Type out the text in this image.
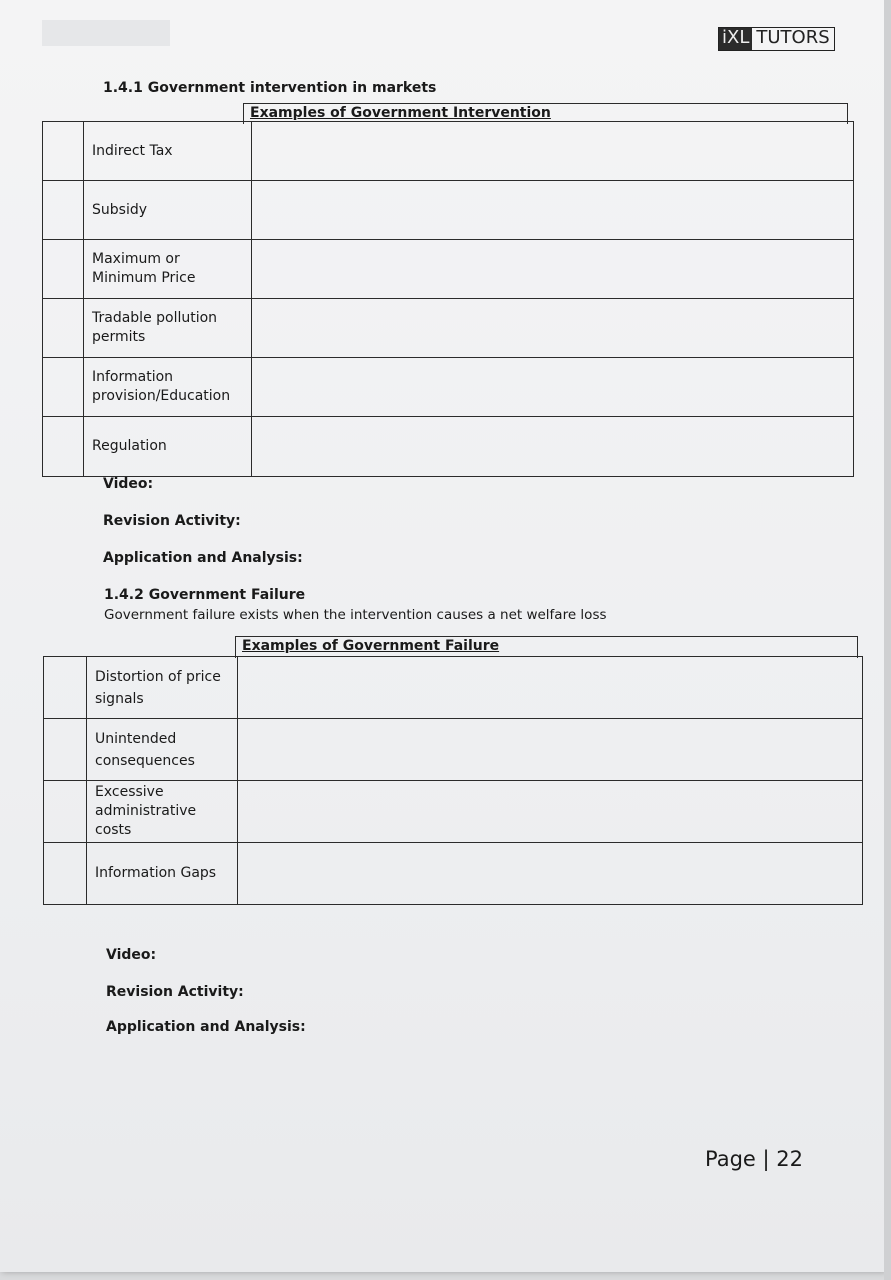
iXL TUTORS
1.4.1 Government intervention in markets
Examples of Government Intervention
	Indirect Tax	
	Subsidy	
	Maximum or Minimum Price	
	Tradable pollution permits	
	Information provision/Education	
	Regulation	
Video:
Revision Activity:
Application and Analysis:
1.4.2 Government Failure
Government failure exists when the intervention causes a net welfare loss
Examples of Government Failure
	Distortion of price signals	
	Unintended consequences	
	Excessive administrative costs	
	Information Gaps	
Video:
Revision Activity:
Application and Analysis:
Page | 22
